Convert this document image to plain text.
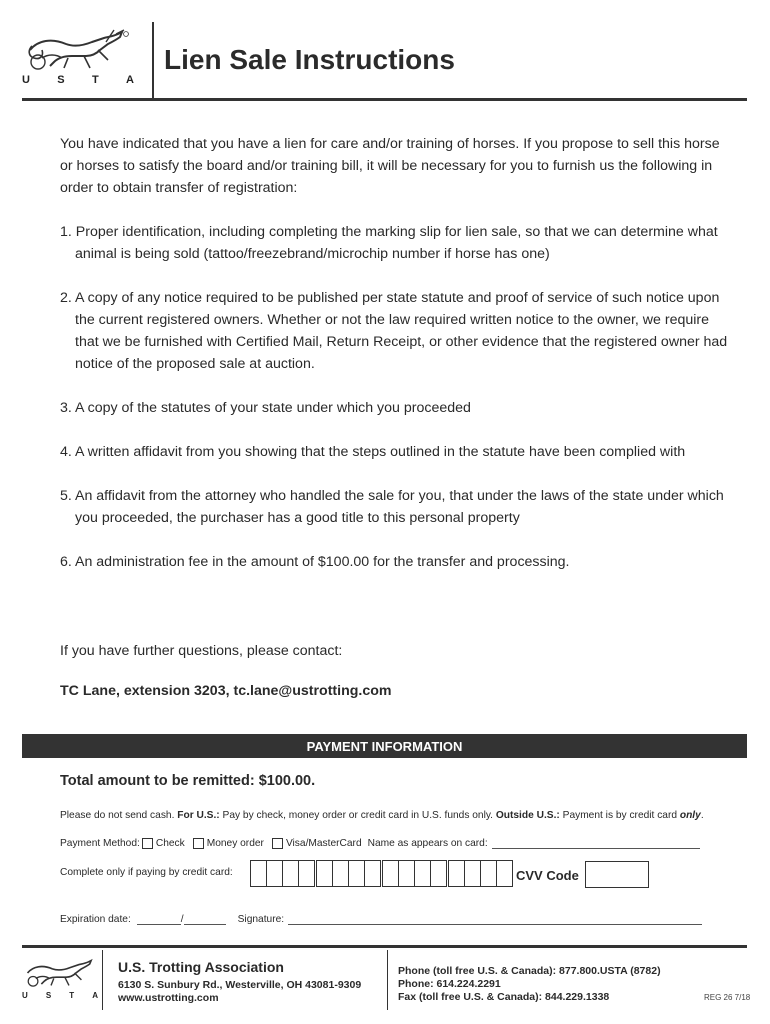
U S T A
Lien Sale Instructions
You have indicated that you have a lien for care and/or training of horses. If you propose to sell this horse or horses to satisfy the board and/or training bill, it will be necessary for you to furnish us the following in order to obtain transfer of registration:
1. Proper identification, including completing the marking slip for lien sale, so that we can determine what animal is being sold (tattoo/freezebrand/microchip number if horse has one)
2. A copy of any notice required to be published per state statute and proof of service of such notice upon the current registered owners. Whether or not the law required written notice to the owner, we require that we be furnished with Certified Mail, Return Receipt, or other evidence that the registered owner had notice of the proposed sale at auction.
3. A copy of the statutes of your state under which you proceeded
4. A written affidavit from you showing that the steps outlined in the statute have been complied with
5. An affidavit from the attorney who handled the sale for you, that under the laws of the state under which you proceeded, the purchaser has a good title to this personal property
6. An administration fee in the amount of $100.00 for the transfer and processing.
If you have further questions, please contact:
TC Lane, extension 3203, tc.lane@ustrotting.com
PAYMENT INFORMATION
Total amount to be remitted: $100.00.
Please do not send cash. For U.S.: Pay by check, money order or credit card in U.S. funds only. Outside U.S.: Payment is by credit card only.
Payment Method: Check Money order Visa/MasterCard Name as appears on card:
Complete only if paying by credit card:	CVV Code
Expiration date:	/	Signature:
U S T A
U.S. Trotting Association
6130 S. Sunbury Rd., Westerville, OH 43081-9309
www.ustrotting.com
Phone (toll free U.S. & Canada): 877.800.USTA (8782)
Phone: 614.224.2291
Fax (toll free U.S. & Canada): 844.229.1338	REG 26 7/18
